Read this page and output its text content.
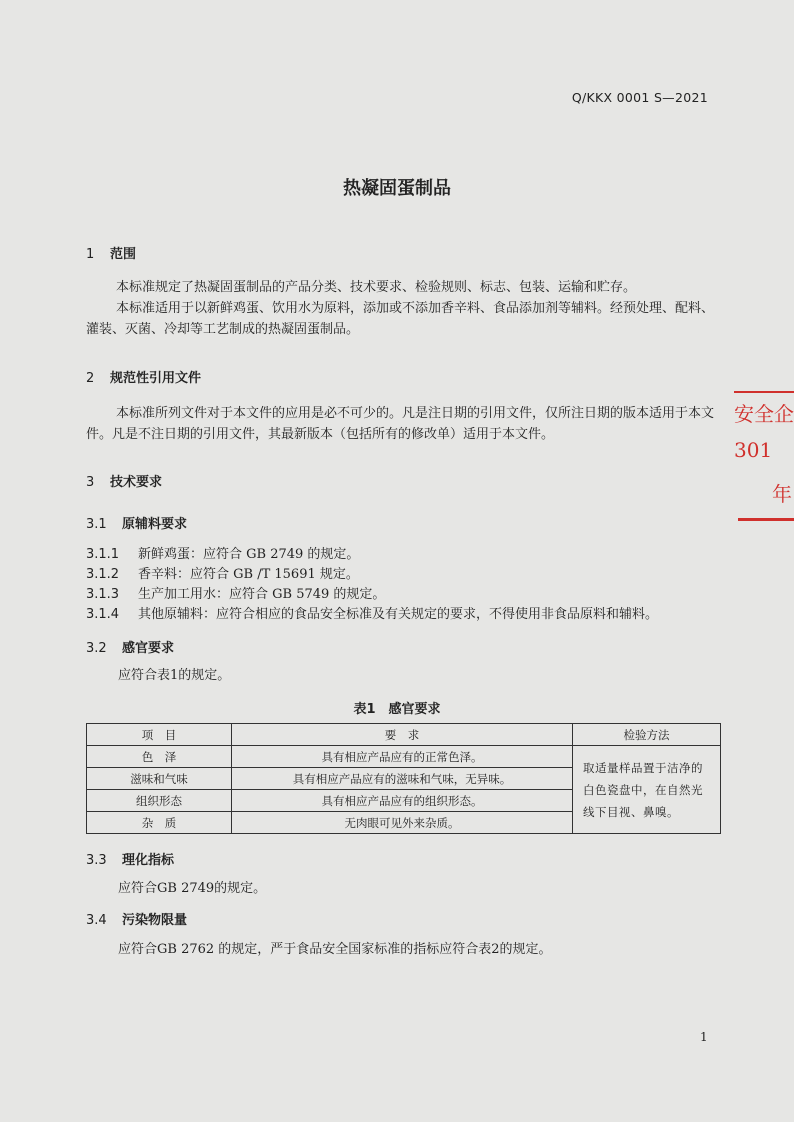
Q/KKX 0001 S—2021
热凝固蛋制品
1 范围
本标准规定了热凝固蛋制品的产品分类、技术要求、检验规则、标志、包装、运输和贮存。
本标准适用于以新鲜鸡蛋、饮用水为原料，添加或不添加香辛料、食品添加剂等辅料。经预处理、配料、灌装、灭菌、冷却等工艺制成的热凝固蛋制品。
2 规范性引用文件
本标准所列文件对于本文件的应用是必不可少的。凡是注日期的引用文件，仅所注日期的版本适用于本文件。凡是不注日期的引用文件，其最新版本（包括所有的修改单）适用于本文件。
3 技术要求
3.1 原辅料要求
3.1.1 新鲜鸡蛋：应符合 GB 2749 的规定。
3.1.2 香辛料：应符合 GB /T 15691 规定。
3.1.3 生产加工用水：应符合 GB 5749 的规定。
3.1.4 其他原辅料：应符合相应的食品安全标准及有关规定的要求，不得使用非食品原料和辅料。
3.2 感官要求
应符合表1的规定。
表1　感官要求
项　目	要　求	检验方法
色　泽	具有相应产品应有的正常色泽。	取适量样品置于洁净的白色瓷盘中，在自然光线下目视、鼻嗅。
滋味和气味	具有相应产品应有的滋味和气味，无异味。	
组织形态	具有相应产品应有的组织形态。	
杂　质	无肉眼可见外来杂质。	
3.3 理化指标
应符合GB 2749的规定。
3.4 污染物限量
应符合GB 2762 的规定，严于食品安全国家标准的指标应符合表2的规定。
1
安全企
301
年
